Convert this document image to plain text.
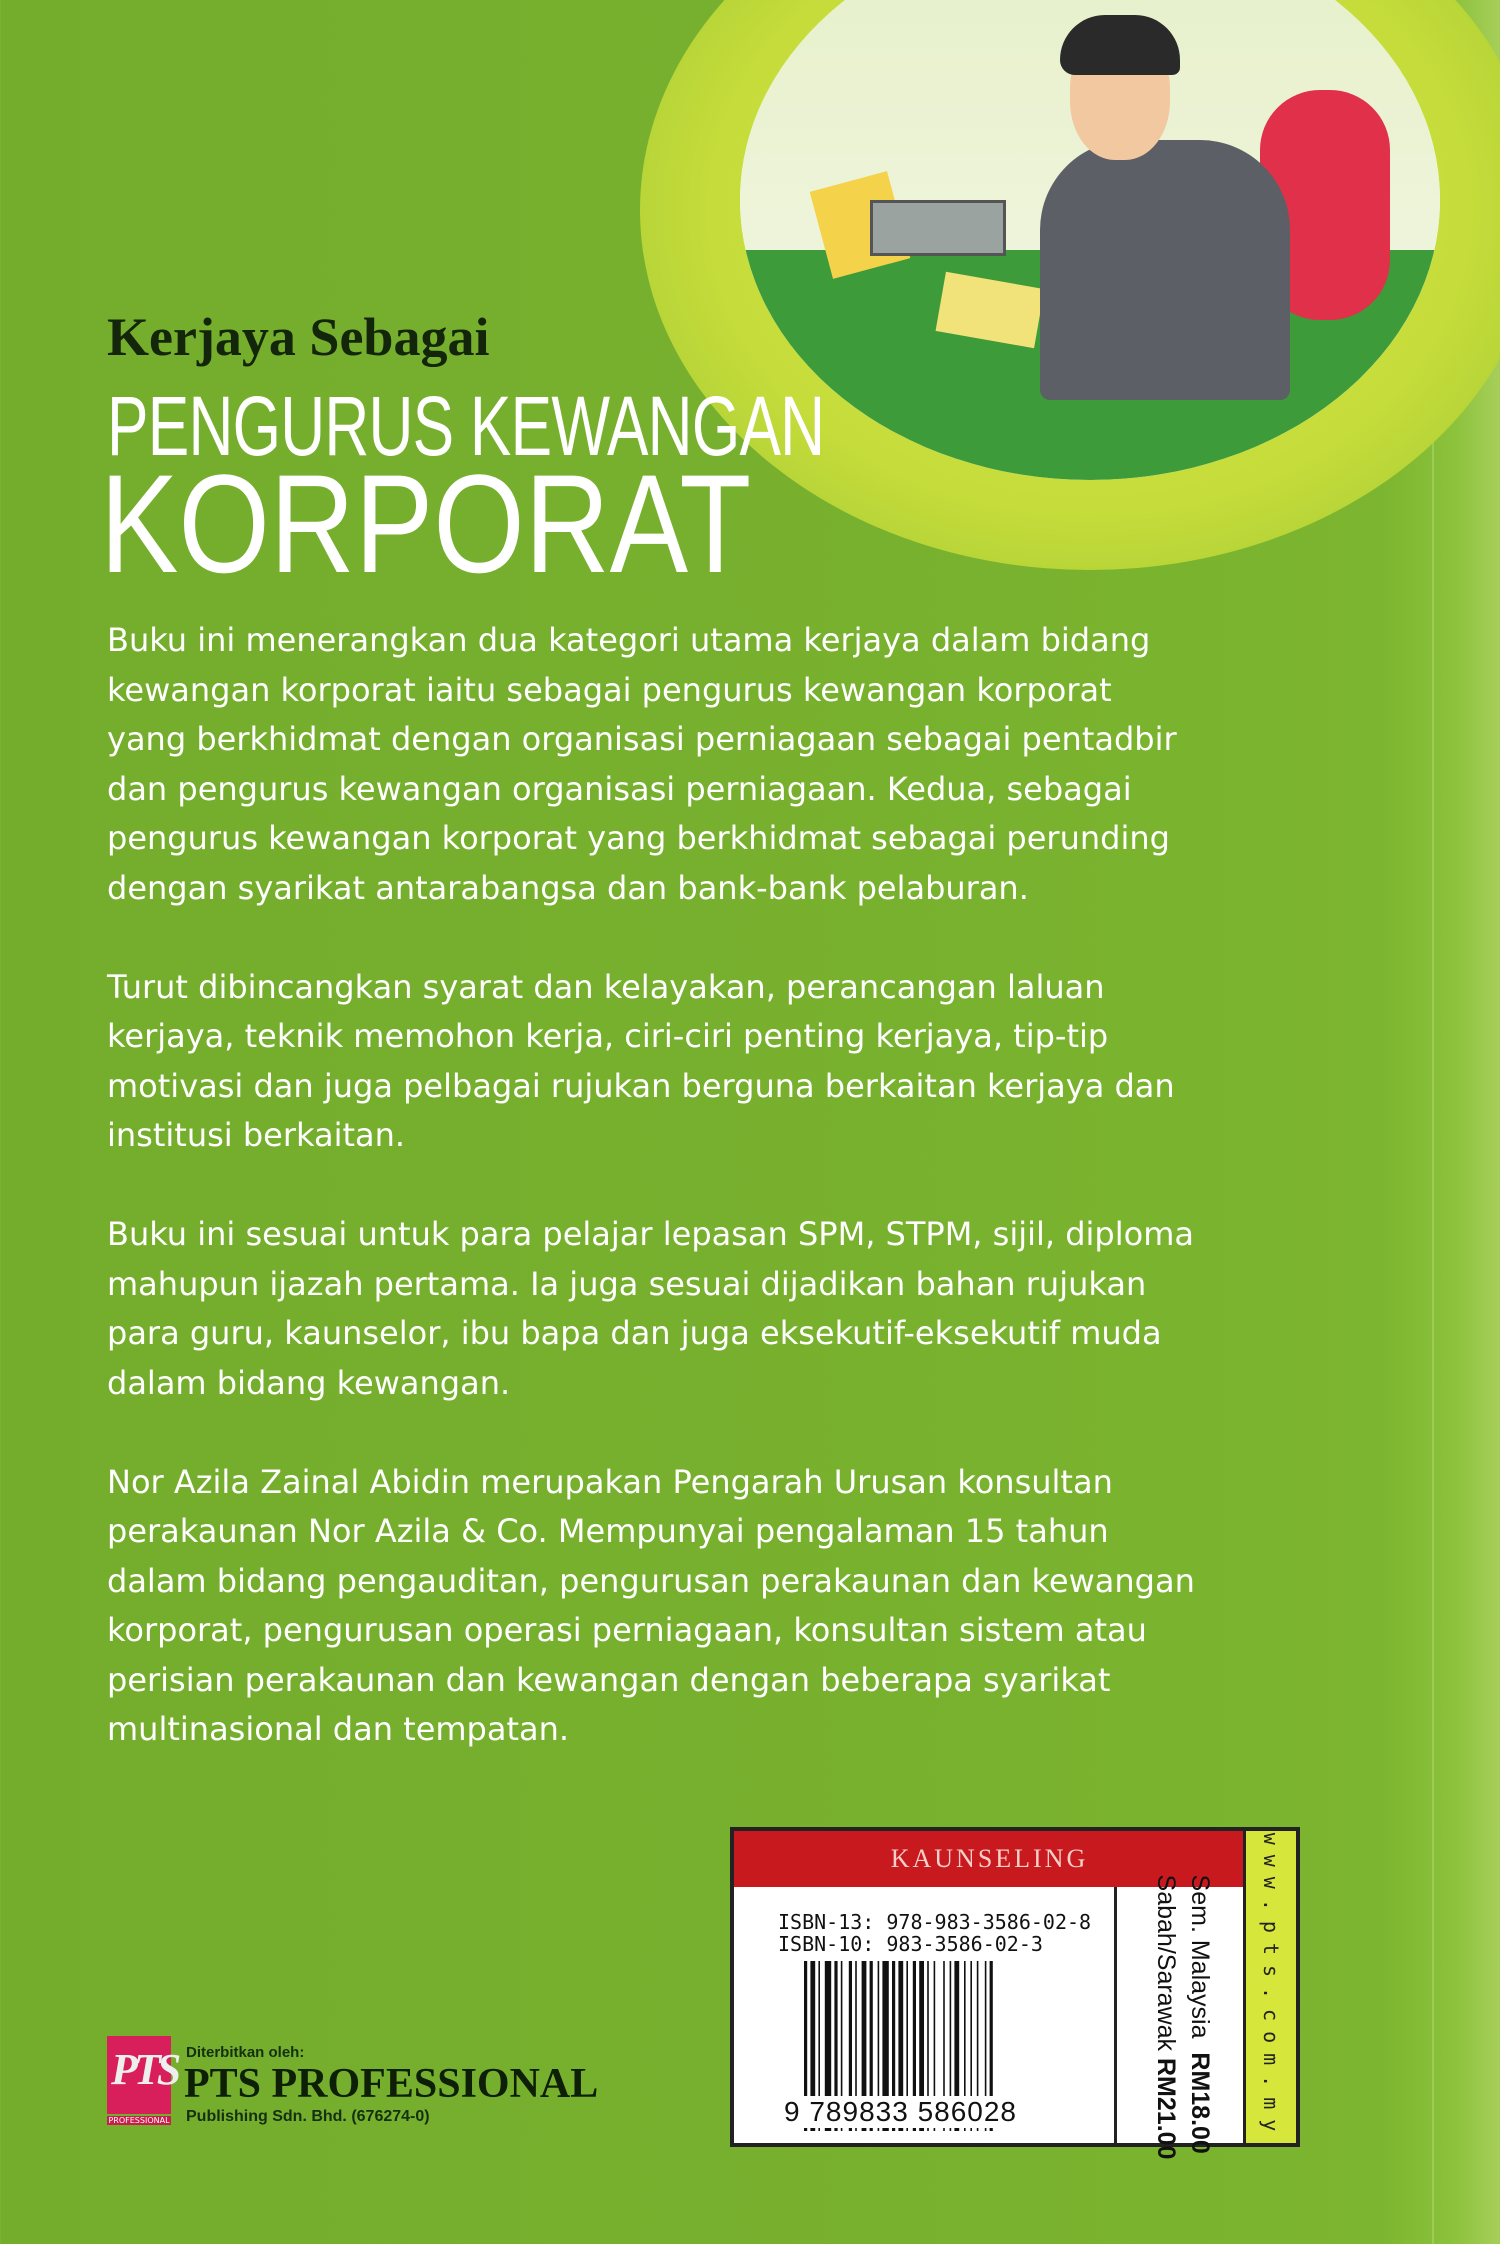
Kerjaya Sebagai
PENGURUS KEWANGAN
KORPORAT
Buku ini menerangkan dua kategori utama kerjaya dalam bidang
kewangan korporat iaitu sebagai pengurus kewangan korporat
yang berkhidmat dengan organisasi perniagaan sebagai pentadbir
dan pengurus kewangan organisasi perniagaan. Kedua, sebagai
pengurus kewangan korporat yang berkhidmat sebagai perunding
dengan syarikat antarabangsa dan bank-bank pelaburan.
Turut dibincangkan syarat dan kelayakan, perancangan laluan
kerjaya, teknik memohon kerja, ciri-ciri penting kerjaya, tip-tip
motivasi dan juga pelbagai rujukan berguna berkaitan kerjaya dan
institusi berkaitan.
Buku ini sesuai untuk para pelajar lepasan SPM, STPM, sijil, diploma
mahupun ijazah pertama. Ia juga sesuai dijadikan bahan rujukan
para guru, kaunselor, ibu bapa dan juga eksekutif-eksekutif muda
dalam bidang kewangan.
Nor Azila Zainal Abidin merupakan Pengarah Urusan konsultan
perakaunan Nor Azila & Co. Mempunyai pengalaman 15 tahun
dalam bidang pengauditan, pengurusan perakaunan dan kewangan
korporat, pengurusan operasi perniagaan, konsultan sistem atau
perisian perakaunan dan kewangan dengan beberapa syarikat
multinasional dan tempatan.
KAUNSELING
ISBN-13: 978-983-3586-02-8
ISBN-10: 983-3586-02-3
9 789833 586028
Sem. Malaysia  RM18.00
Sabah/Sarawak RM21.00	www.pts.com.my
PTS
PROFESSIONAL
Diterbitkan oleh:
PTS PROFESSIONAL
Publishing Sdn. Bhd. (676274-0)
